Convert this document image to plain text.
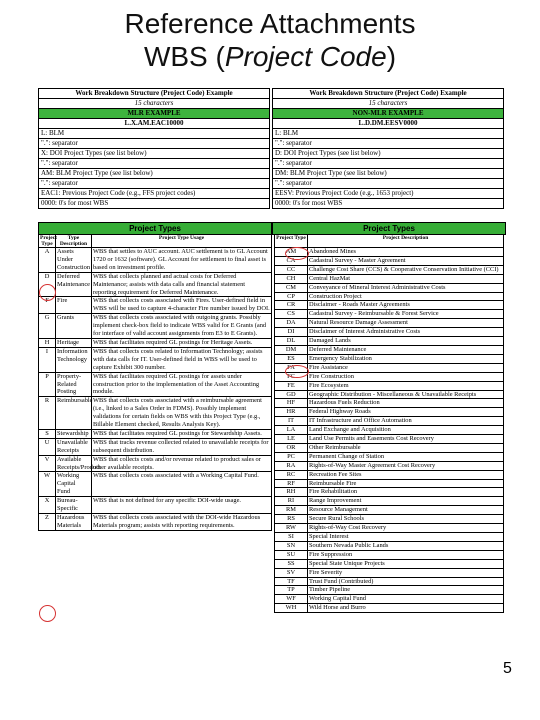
Reference Attachments
WBS (Project Code)
Work Breakdown Structure (Project Code) Example
15 characters
MLR EXAMPLE
L.X.AM.EAC10000
L: BLM
".": separator
X: DOI Project Types (see list below)
".": separator
AM: BLM Project Type (see list below)
".": separator
EAC1: Previous Project Code (e.g., FFS project codes)
0000: 0's for most WBS
Work Breakdown Structure (Project Code) Example
15 characters
NON-MLR EXAMPLE
L.D.DM.EESV0000
L: BLM
".": separator
D: DOI Project Types (see list below)
".": separator
DM: BLM Project Type (see list below)
".": separator
EESV: Previous Project Code (e.g., 1653 project)
0000: 0's for most WBS
Project Types	Project Types
Project Type	Type Description	Project Type Usage
A	Assets Under Construction	WBS that settles to AUC account. AUC settlement is to GL Account 1720 or 1632 (software). GL Account for settlement to final asset is based on investment profile.
D	Deferred Maintenance	WBS that collects planned and actual costs for Deferred Maintenance; assists with data calls and financial statement reporting requirement for Deferred Maintenance.
F	Fire	WBS that collects costs associated with Fires. User-defined field in WBS will be used to capture 4-character Fire number issued by DOI.
G	Grants	WBS that collects costs associated with outgoing grants. Possibly implement check-box field to indicate WBS valid for E Grants (and for interface of valid account assignments from E3 to E Grants).
H	Heritage	WBS that facilitates required GL postings for Heritage Assets.
I	Information Technology	WBS that collects costs related to Information Technology; assists with data calls for IT. User-defined field in WBS will be used to capture Exhibit 300 number.
P	Property-Related Posting	WBS that facilitates required GL postings for assets under construction prior to the implementation of the Asset Accounting module.
R	Reimbursable	WBS that collects costs associated with a reimbursable agreement (i.e., linked to a Sales Order in FDMS). Possibly implement validations for certain fields on WBS with this Project Type (e.g., Billable Element checked, Results Analysis Key).
S	Stewardship	WBS that facilitates required GL postings for Stewardship Assets.
U	Unavailable Receipts	WBS that tracks revenue collected related to unavailable receipts for subsequent distribution.
V	Available Receipts/Product	WBS that collects costs and/or revenue related to product sales or other available receipts.
W	Working Capital Fund	WBS that collects costs associated with a Working Capital Fund.
X	Bureau-Specific	WBS that is not defined for any specific DOI-wide usage.
Z	Hazardous Materials	WBS that collects costs associated with the DOI-wide Hazardous Materials program; assists with reporting requirements.
Project Type	Project Description
AM	Abandoned Mines
CA	Cadastral Survey - Master Agreement
CC	Challenge Cost Share (CCS) & Cooperative Conservation Initiative (CCI)
CH	Central HazMat
CM	Conveyance of Mineral Interest Administrative Costs
CP	Construction Project
CR	Disclaimer - Roads Master Agreements
CS	Cadastral Survey - Reimbursable & Forest Service
DA	Natural Resource Damage Assessment
DI	Disclaimer of Interest Administrative Costs
DL	Damaged Lands
DM	Deferred Maintenance
ES	Emergency Stabilization
FA	Fire Assistance
FC	Fire Construction
FE	Fire Ecosystem
GD	Geographic Distribution - Miscellaneous & Unavailable Receipts
HF	Hazardous Fuels Reduction
HR	Federal Highway Roads
IT	IT Infrastructure and Office Automation
LA	Land Exchange and Acquisition
LE	Land Use Permits and Easements Cost Recovery
OR	Other Reimbursable
PC	Permanent Change of Station
RA	Rights-of-Way Master Agreement Cost Recovery
RC	Recreation Fee Sites
RF	Reimbursable Fire
RH	Fire Rehabilitation
RI	Range Improvement
RM	Resource Management
RS	Secure Rural Schools
RW	Rights-of-Way Cost Recovery
SI	Special Interest
SN	Southern Nevada Public Lands
SU	Fire Suppression
SS	Special State Unique Projects
SV	Fire Severity
TF	Trust Fund (Contributed)
TP	Timber Pipeline
WF	Working Capital Fund
WH	Wild Horse and Burro
5
